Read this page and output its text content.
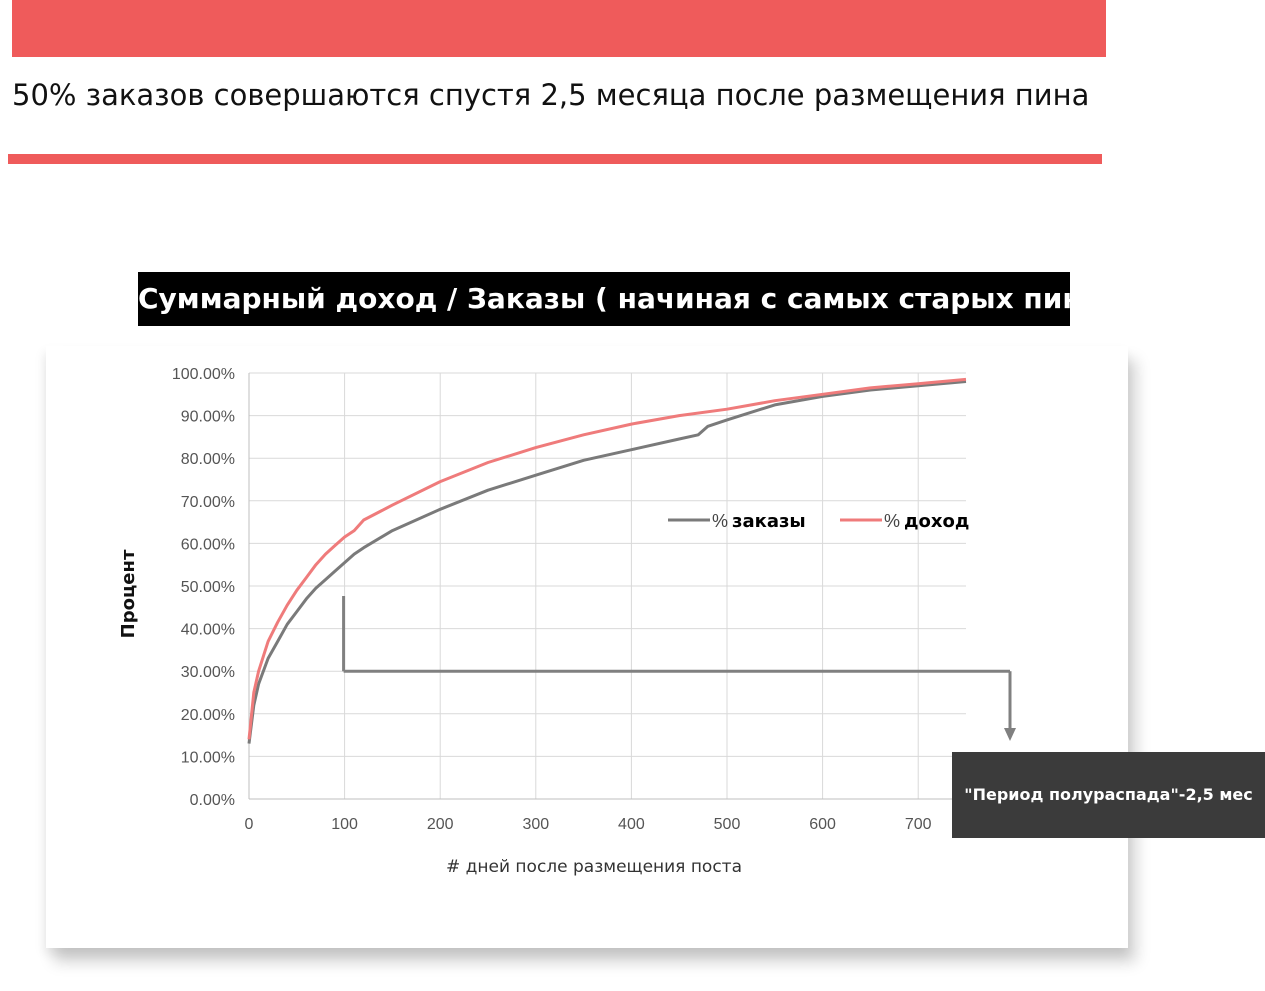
50% заказов совершаются спустя 2,5 месяца после размещения пина
Суммарный доход / Заказы ( начиная с самых старых пинов)
0.00%
10.00%
20.00%
30.00%
40.00%
50.00%
60.00%
70.00%
80.00%
90.00%
100.00%
0	100	200	300	400	500	600	700
% заказы	% доход
Процент
# дней после размещения поста
"Период полураспада"-2,5 мес
